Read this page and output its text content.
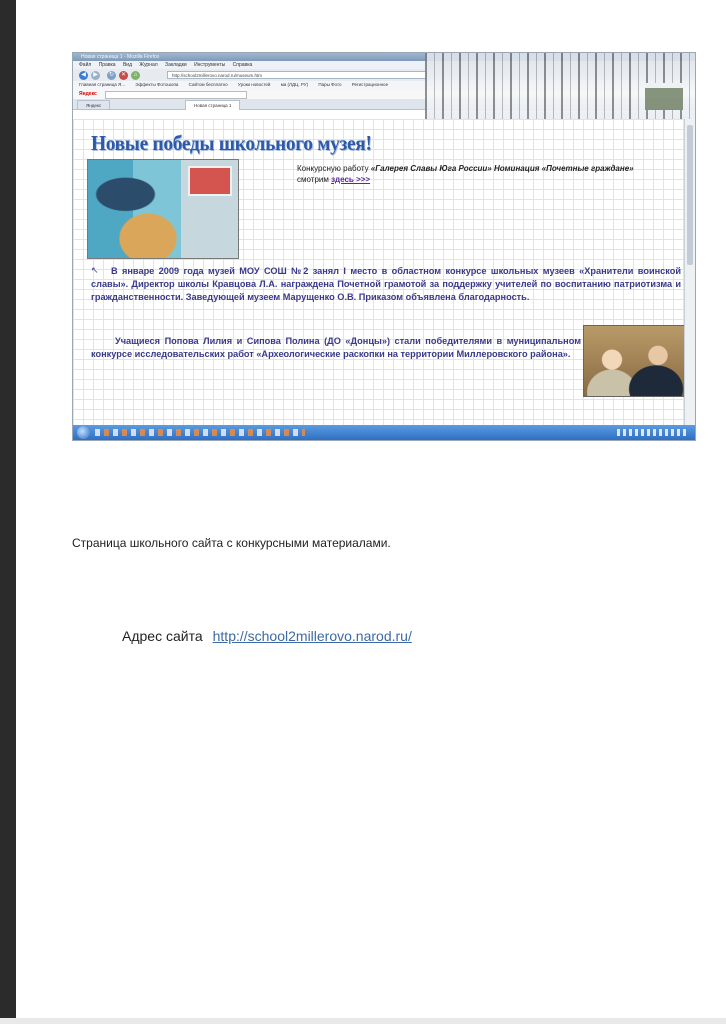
Новая страница 1 - Mozilla Firefox
Файл Правка Вид Журнал Закладки Инструменты Справка
◀	▶	↻	✕	⌂	http://school2millerovo.narod.ru/museum.htm
Главная страница Я... Эффекты Фотошопа Сайтом бесплатно Уроки новостей ма (ЛДЦ. РУ) Пары Фото Регистрационное
Яндекс
Яндекс	Новая страница 1
Новые победы школьного музея!
Конкурсную работу «Галерея Славы Юга России» Номинация «Почетные граждане» смотрим здесь >>>
↖	В январе 2009 года музей МОУ СОШ №2 занял I место в областном конкурсе школьных музеев «Хранители воинской славы». Директор школы Кравцова Л.А. награждена Почетной грамотой за поддержку учителей по воспитанию патриотизма и гражданственности. Заведующей музеем Марущенко О.В. Приказом объявлена благодарность.
Учащиеся Попова Лилия и Сипова Полина (ДО «Донцы») стали победителями в муниципальном конкурсе исследовательских работ «Археологические раскопки на территории Миллеровского района».
Страница школьного сайта с конкурсными материалами.
Адрес сайта http://school2millerovo.narod.ru/
